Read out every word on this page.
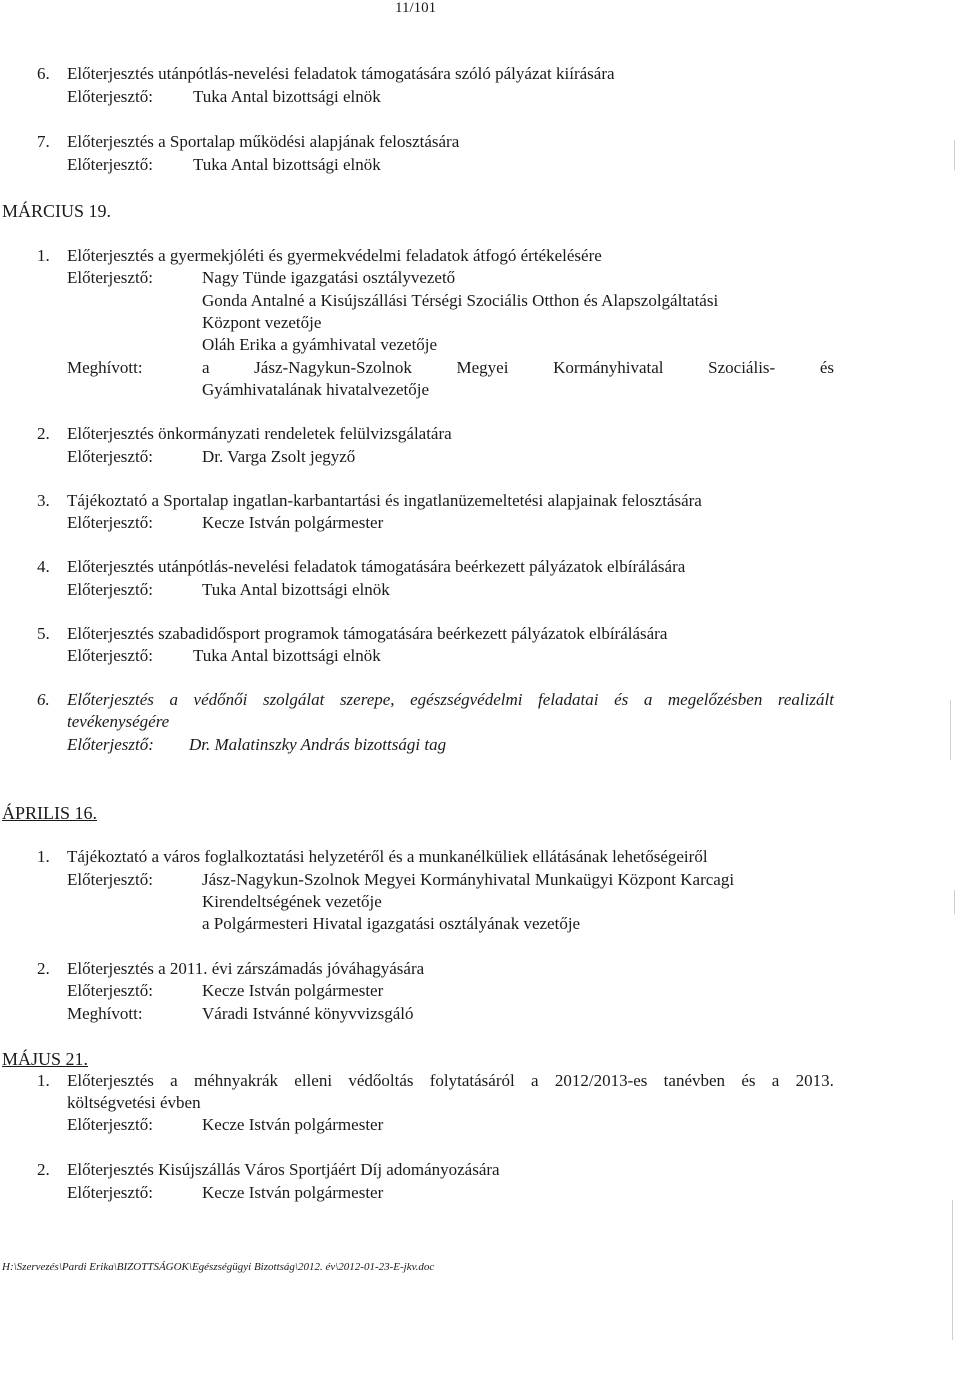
11/101
6. Előterjesztés utánpótlás-nevelési feladatok támogatására szóló pályázat kiírására
Előterjesztő: Tuka Antal bizottsági elnök
7. Előterjesztés a Sportalap működési alapjának felosztására
Előterjesztő: Tuka Antal bizottsági elnök
MÁRCIUS 19.
1. Előterjesztés a gyermekjóléti és gyermekvédelmi feladatok átfogó értékelésére
Előterjesztő:	Nagy Tünde igazgatási osztályvezető
Gonda Antalné a Kisújszállási Térségi Szociális Otthon és Alapszolgáltatási
Központ vezetője
Oláh Erika a gyámhivatal vezetője
Meghívott:	a	Jász-Nagykun-Szolnok	Megyei	Kormányhivatal	Szociális-	és
Gyámhivatalának hivatalvezetője
2. Előterjesztés önkormányzati rendeletek felülvizsgálatára
Előterjesztő:	Dr. Varga Zsolt jegyző
3. Tájékoztató a Sportalap ingatlan-karbantartási és ingatlanüzemeltetési alapjainak felosztására
Előterjesztő:	Kecze István polgármester
4. Előterjesztés utánpótlás-nevelési feladatok támogatására beérkezett pályázatok elbírálására
Előterjesztő:	Tuka Antal bizottsági elnök
5. Előterjesztés szabadidősport programok támogatására beérkezett pályázatok elbírálására
Előterjesztő: Tuka Antal bizottsági elnök
6. Előterjesztés a védőnői szolgálat szerepe, egészségvédelmi feladatai és a megelőzésben realizált
tevékenységére
Előterjesztő: Dr. Malatinszky András bizottsági tag
ÁPRILIS 16.
1. Tájékoztató a város foglalkoztatási helyzetéről és a munkanélküliek ellátásának lehetőségeiről
Előterjesztő:	Jász-Nagykun-Szolnok Megyei Kormányhivatal Munkaügyi Központ Karcagi
Kirendeltségének vezetője
a Polgármesteri Hivatal igazgatási osztályának vezetője
2. Előterjesztés a 2011. évi zárszámadás jóváhagyására
Előterjesztő:	Kecze István polgármester
Meghívott:	Váradi Istvánné könyvvizsgáló
MÁJUS 21.
1. Előterjesztés a méhnyakrák elleni védőoltás folytatásáról a 2012/2013-es tanévben és a 2013.
költségvetési évben
Előterjesztő:	Kecze István polgármester
2. Előterjesztés Kisújszállás Város Sportjáért Díj adományozására
Előterjesztő:	Kecze István polgármester
H:\Szervezés\Pardi Erika\BIZOTTSÁGOK\Egészségügyi Bizottság\2012. év\2012-01-23-E-jkv.doc
